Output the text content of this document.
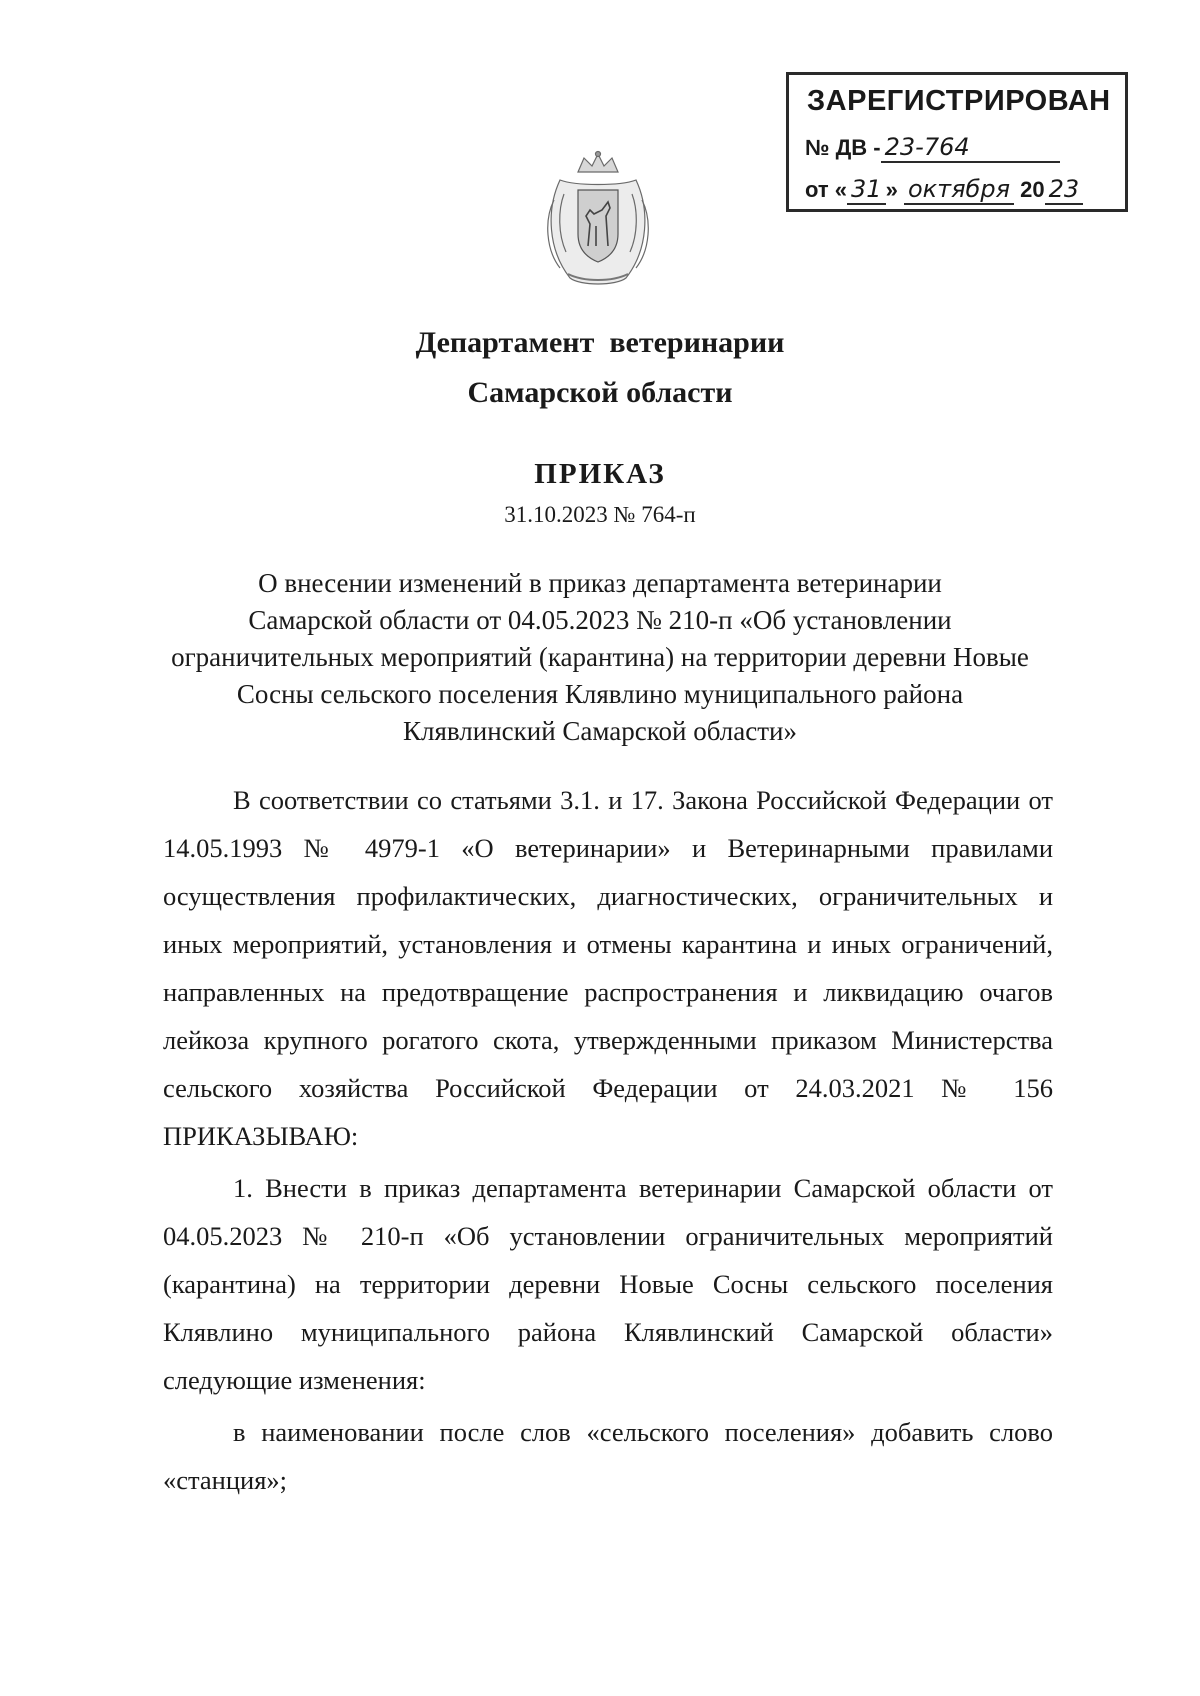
ЗАРЕГИСТРИРОВАН
№ ДВ - 23-764
от « 31 » октября 20 23
Департамент  ветеринарии
Самарской области
ПРИКАЗ
31.10.2023 № 764-п
О внесении изменений в приказ департамента ветеринарии
Самарской области от 04.05.2023 № 210-п «Об установлении
ограничительных мероприятий (карантина) на территории деревни Новые
Сосны сельского поселения Клявлино муниципального района
Клявлинский Самарской области»

В соответствии со статьями 3.1. и 17. Закона Российской Федерации от 14.05.1993 № 4979-1 «О ветеринарии» и Ветеринарными правилами осуществления профилактических, диагностических, ограничительных и иных мероприятий, установления и отмены карантина и иных ограничений, направленных на предотвращение распространения и ликвидацию очагов лейкоза крупного рогатого скота, утвержденными приказом Министерства сельского хозяйства Российской Федерации от 24.03.2021 № 156 ПРИКАЗЫВАЮ:

1. Внести в приказ департамента ветеринарии Самарской области от 04.05.2023 № 210-п «Об установлении ограничительных мероприятий (карантина) на территории деревни Новые Сосны сельского поселения Клявлино муниципального района Клявлинский Самарской области» следующие изменения:

в наименовании после слов «сельского поселения» добавить слово «станция»;
